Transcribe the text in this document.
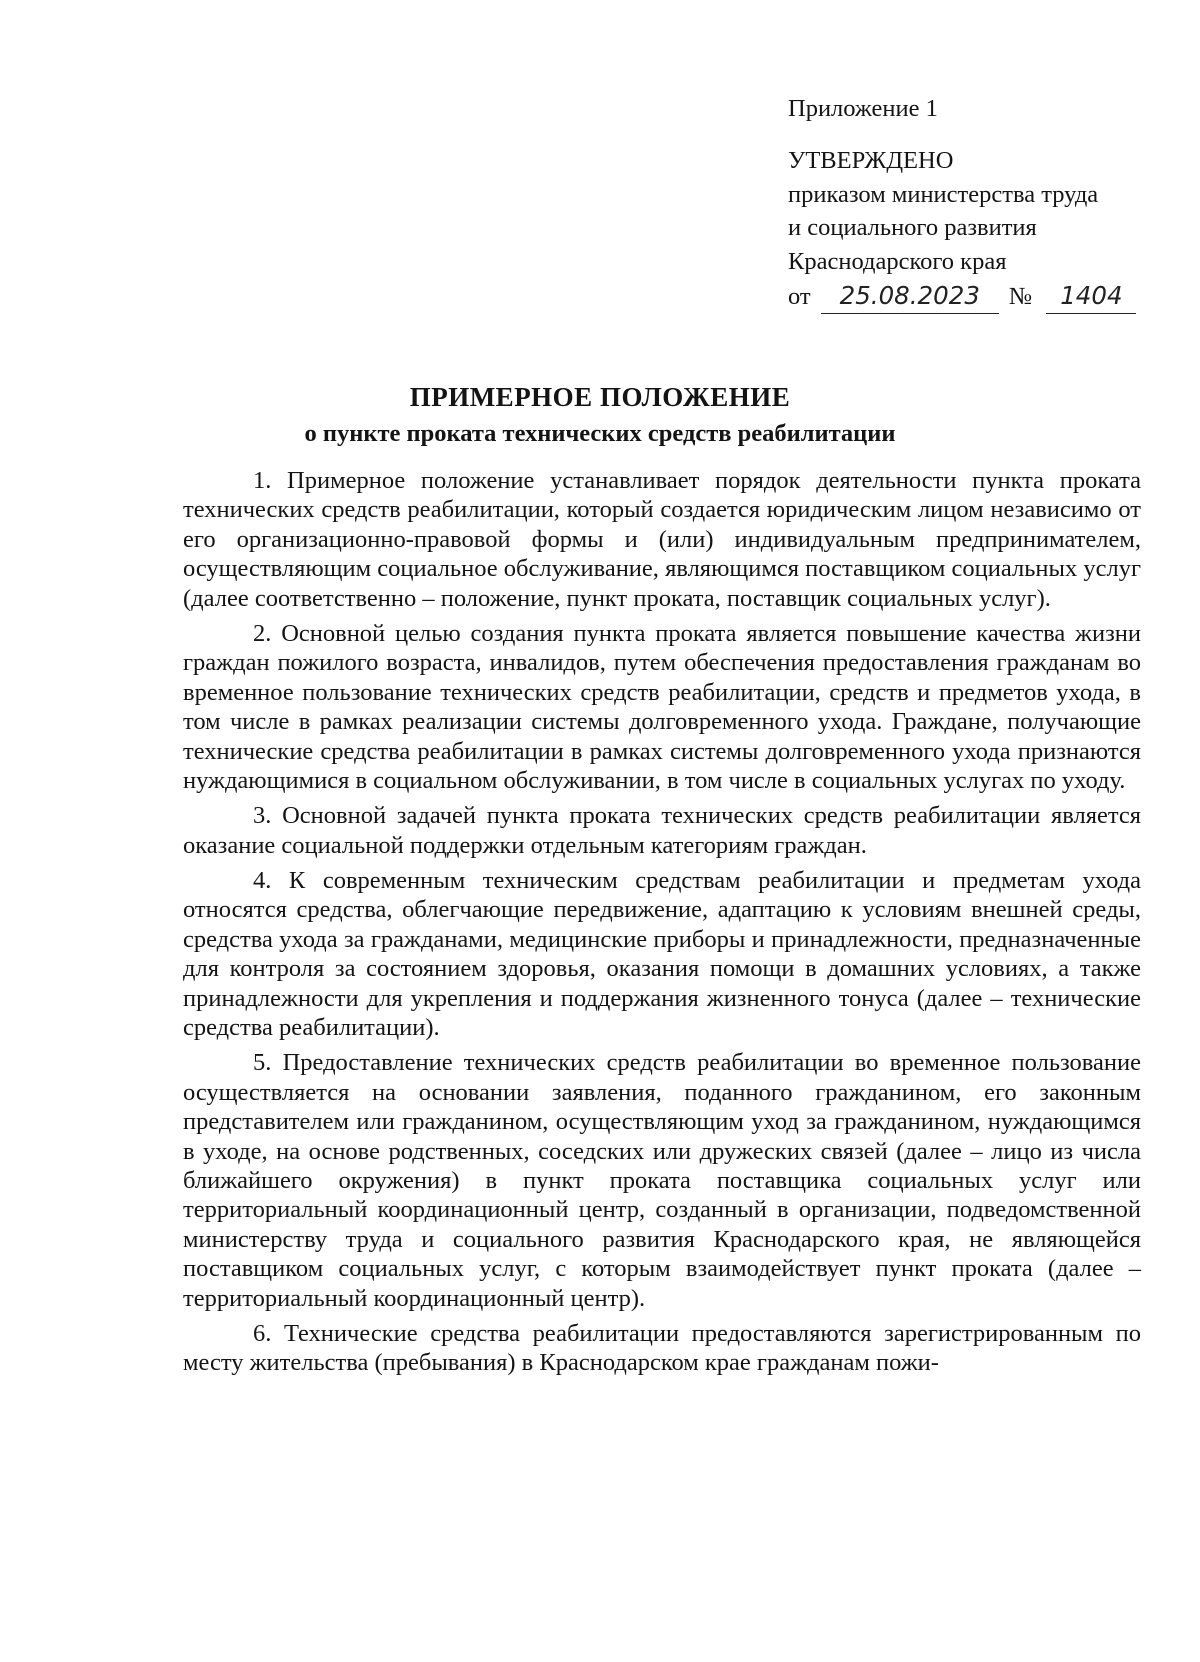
Приложение 1
УТВЕРЖДЕНО
приказом министерства труда
и социального развития
Краснодарского края
от 25.08.2023 № 1404
ПРИМЕРНОЕ ПОЛОЖЕНИЕ
о пункте проката технических средств реабилитации

1. Примерное положение устанавливает порядок деятельности пункта проката технических средств реабилитации, который создается юридическим лицом независимо от его организационно-правовой формы и (или) индивидуальным предпринимателем, осуществляющим социальное обслуживание, являющимся поставщиком социальных услуг (далее соответственно – положение, пункт проката, поставщик социальных услуг).

2. Основной целью создания пункта проката является повышение качества жизни граждан пожилого возраста, инвалидов, путем обеспечения предоставления гражданам во временное пользование технических средств реабилитации, средств и предметов ухода, в том числе в рамках реализации системы долговременного ухода. Граждане, получающие технические средства реабилитации в рамках системы долговременного ухода признаются нуждающимися в социальном обслуживании, в том числе в социальных услугах по уходу.

3. Основной задачей пункта проката технических средств реабилитации является оказание социальной поддержки отдельным категориям граждан.

4. К современным техническим средствам реабилитации и предметам ухода относятся средства, облегчающие передвижение, адаптацию к условиям внешней среды, средства ухода за гражданами, медицинские приборы и принадлежности, предназначенные для контроля за состоянием здоровья, оказания помощи в домашних условиях, а также принадлежности для укрепления и поддержания жизненного тонуса (далее – технические средства реабилитации).

5. Предоставление технических средств реабилитации во временное пользование осуществляется на основании заявления, поданного гражданином, его законным представителем или гражданином, осуществляющим уход за гражданином, нуждающимся в уходе, на основе родственных, соседских или дружеских связей (далее – лицо из числа ближайшего окружения) в пункт проката поставщика социальных услуг или территориальный координационный центр, созданный в организации, подведомственной министерству труда и социального развития Краснодарского края, не являющейся поставщиком социальных услуг, с которым взаимодействует пункт проката (далее – территориальный координационный центр).

6. Технические средства реабилитации предоставляются зарегистрированным по месту жительства (пребывания) в Краснодарском крае гражданам пожи-
